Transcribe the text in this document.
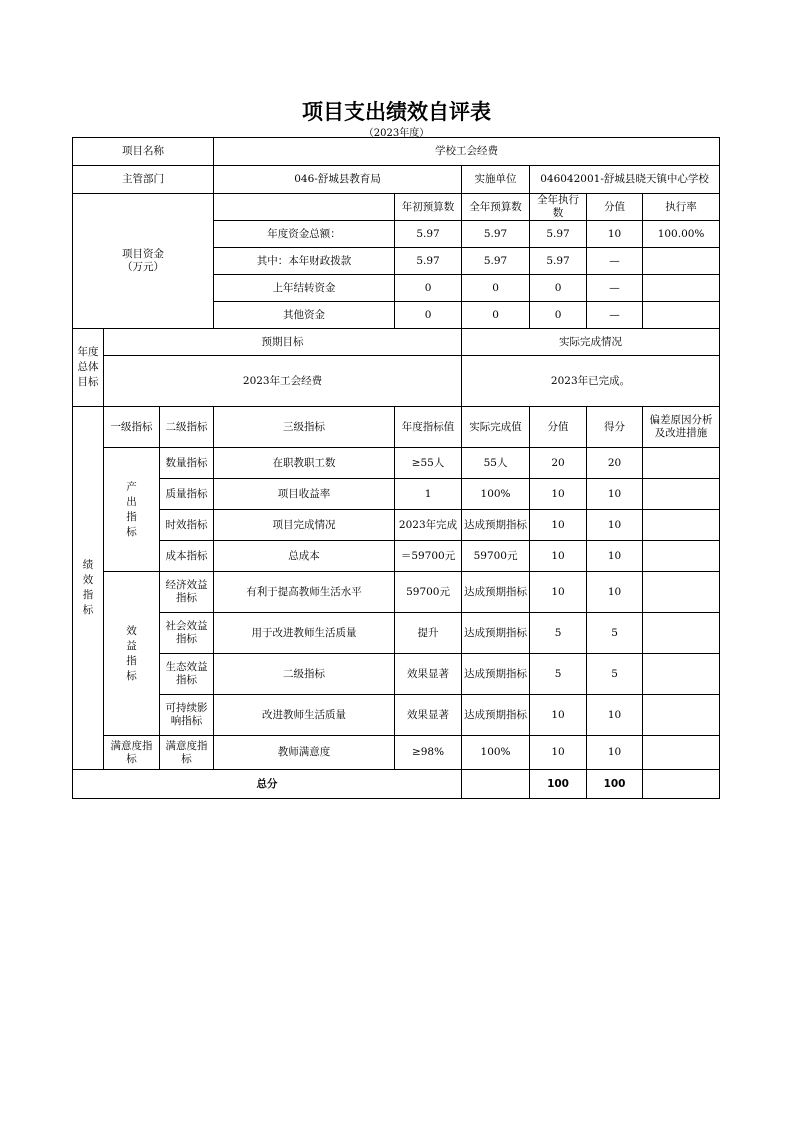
项目支出绩效自评表
（2023年度）
项目名称			学校工会经费						
主管部门			046-舒城县教育局		实施单位	046042001-舒城县晓天镇中心学校			
项目资金（万元）				年初预算数	全年预算数	全年执行数	分值	执行率	
			年度资金总额：	5.97	5.97	5.97	10	100.00%	
			其中：本年财政拨款	5.97	5.97	5.97	—		
			上年结转资金	0	0	0	—		
			其他资金	0	0	0	—		
年度总体目标	预期目标				实际完成情况				
	2023年工会经费				2023年已完成。				
绩效指标	一级指标	二级指标	三级指标	年度指标值	实际完成值	分值	得分	偏差原因分析及改进措施	
	产出指标	数量指标	在职教职工数	≥55人	55人	20	20		
		质量指标	项目收益率	1	100%	10	10		
		时效指标	项目完成情况	2023年完成	达成预期指标	10	10		
		成本指标	总成本	＝59700元	59700元	10	10		
	效益指标	经济效益指标	有利于提高教师生活水平	59700元	达成预期指标	10	10		
		社会效益指标	用于改进教师生活质量	提升	达成预期指标	5	5		
		生态效益指标	二级指标	效果显著	达成预期指标	5	5		
		可持续影响指标	改进教师生活质量	效果显著	达成预期指标	10	10		
	满意度指标	满意度指标	教师满意度	≥98%	100%	10	10		
总分						100	100		
